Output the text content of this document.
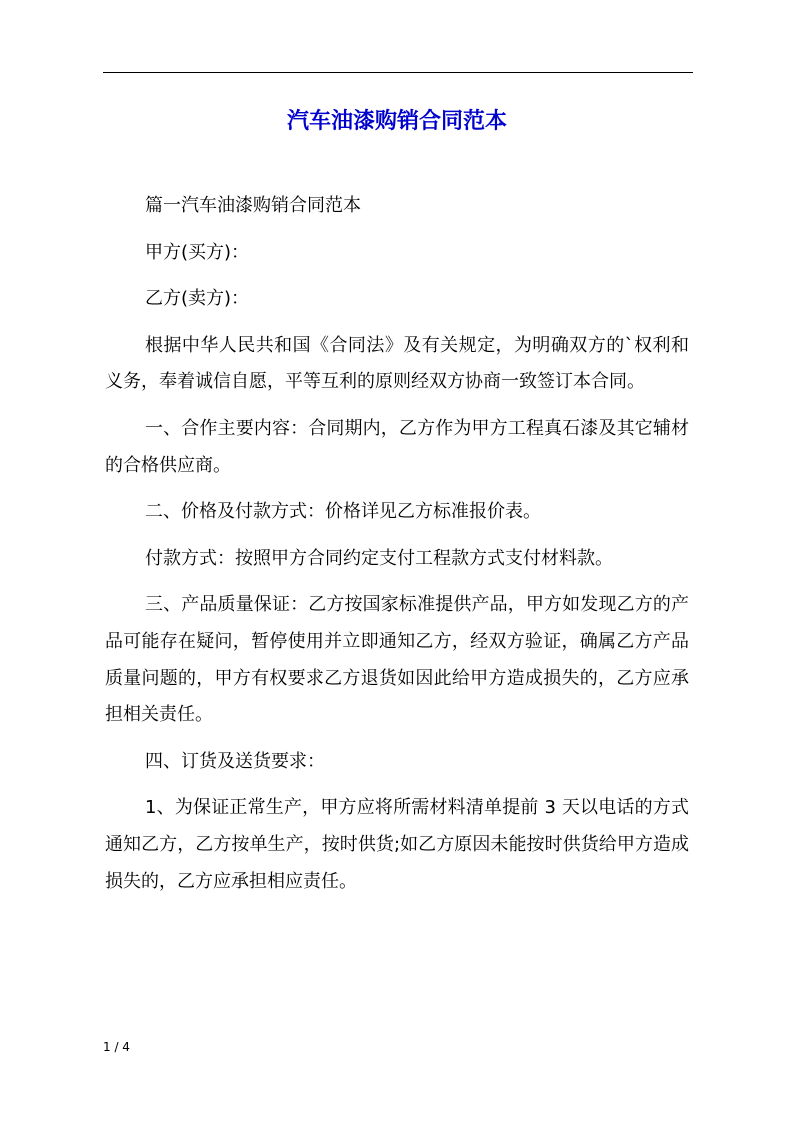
汽车油漆购销合同范本

篇一汽车油漆购销合同范本

甲方(买方)：

乙方(卖方)：

根据中华人民共和国《合同法》及有关规定，为明确双方的`权利和义务，奉着诚信自愿，平等互利的原则经双方协商一致签订本合同。

一、合作主要内容：合同期内，乙方作为甲方工程真石漆及其它辅材的合格供应商。

二、价格及付款方式：价格详见乙方标准报价表。

付款方式：按照甲方合同约定支付工程款方式支付材料款。

三、产品质量保证：乙方按国家标准提供产品，甲方如发现乙方的产品可能存在疑问，暂停使用并立即通知乙方，经双方验证，确属乙方产品质量问题的，甲方有权要求乙方退货如因此给甲方造成损失的，乙方应承担相关责任。

四、订货及送货要求：

1、为保证正常生产，甲方应将所需材料清单提前 3 天以电话的方式通知乙方，乙方按单生产，按时供货;如乙方原因未能按时供货给甲方造成损失的，乙方应承担相应责任。

1 / 4
